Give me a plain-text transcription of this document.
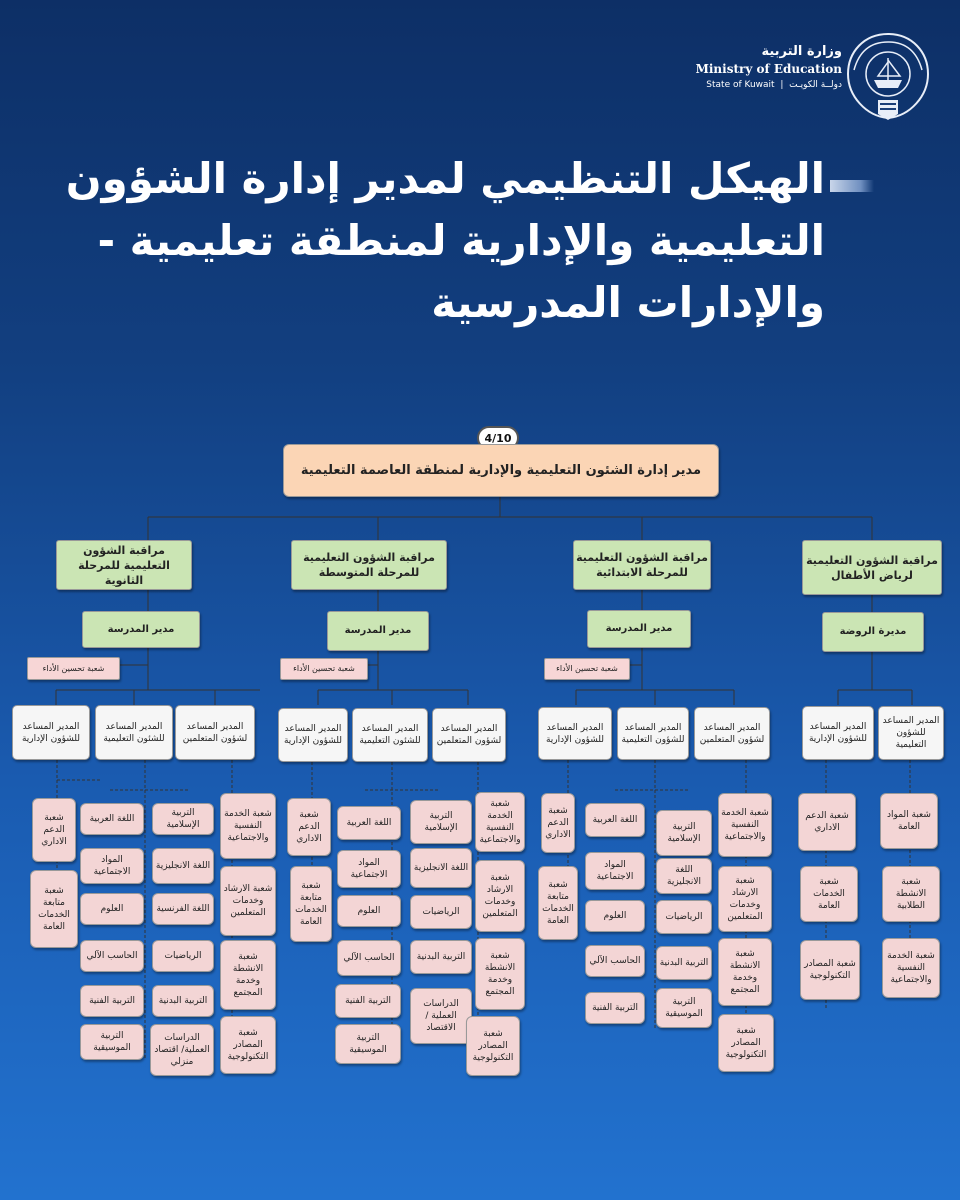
وزارة التربية
Ministry of Education
State of Kuwait  |  دولــة الكويـت
الهيكل التنظيمي لمدير إدارة الشؤون
التعليمية والإدارية لمنطقة تعليمية -
والإدارات المدرسية
4/10
مدير إدارة الشئون التعليمية والإدارية لمنطقة العاصمة التعليمية
مراقبة الشؤون التعليمية للمرحلة الثانوية
مدير المدرسة
شعبة تحسين الأداء
المدير المساعد للشؤون الإدارية
المدير المساعد للشئون التعليمية
المدير المساعد لشؤون المتعلمين
شعبة الدعم الاداري
شعبة متابعة الخدمات العامة
اللغة العربية
المواد الاجتماعية
العلوم
الحاسب الآلي
التربية الفنية
التربية الموسيقية
التربية الإسلامية
اللغة الانجليزية
اللغة الفرنسية
الرياضيات
التربية البدنية
الدراسات العملية/ اقتصاد منزلي
شعبة الخدمة النفسية والاجتماعية
شعبة الارشاد وخدمات المتعلمين
شعبة الانشطة وخدمة المجتمع
شعبة المصادر التكنولوجية
مراقبة الشؤون التعليمية للمرحلة المتوسطة
مدير المدرسة
شعبة تحسين الأداء
المدير المساعد للشؤون الإدارية
المدير المساعد للشئون التعليمية
المدير المساعد لشؤون المتعلمين
شعبة الدعم الاداري
شعبة متابعة الخدمات العامة
اللغة العربية
المواد الاجتماعية
العلوم
الحاسب الآلي
التربية الفنية
التربية الموسيقية
التربية الإسلامية
اللغة الانجليزية
الرياضيات
التربية البدنية
الدراسات العملية / الاقتصاد
شعبة الخدمة النفسية والاجتماعية
شعبة الارشاد وخدمات المتعلمين
شعبة الانشطة وخدمة المجتمع
شعبة المصادر التكنولوجية
مراقبة الشؤون التعليمية للمرحلة الابتدائية
مدير المدرسة
شعبة تحسين الأداء
المدير المساعد للشؤون الإدارية
المدير المساعد للشؤون التعليمية
المدير المساعد لشؤون المتعلمين
شعبة الدعم الاداري
شعبة متابعة الخدمات العامة
اللغة العربية
المواد الاجتماعية
العلوم
الحاسب الآلي
التربية الفنية
التربية الإسلامية
اللغة الانجليزية
الرياضيات
التربية البدنية
التربية الموسيقية
شعبة الخدمة النفسية والاجتماعية
شعبة الارشاد وخدمات المتعلمين
شعبة الانشطة وخدمة المجتمع
شعبة المصادر التكنولوجية
مراقبة الشؤون التعليمية لرياض الأطفال
مديرة الروضة
المدير المساعد للشؤون الإدارية
المدير المساعد للشؤون التعليمية
شعبة الدعم الاداري
شعبة الخدمات العامة
شعبة المصادر التكنولوجية
شعبة المواد العامة
شعبة الانشطة الطلابية
شعبة الخدمة النفسية والاجتماعية
